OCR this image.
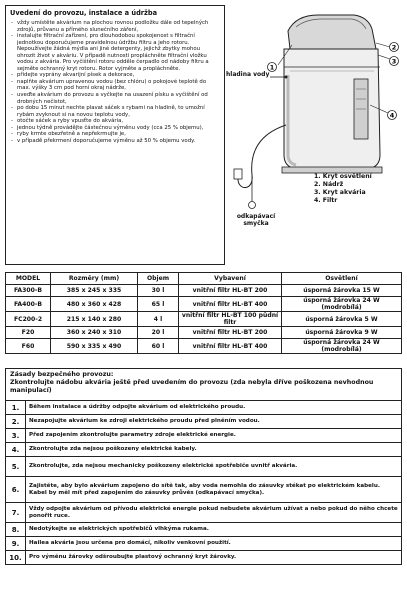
Uvedení do provozu, instalace a údržba
- vždy umístěte akvárium na plochou rovnou podložku dále od tepelných zdrojů, průvanu a přímého slunečního záření,
- instalujte filtrační zařízení, pro dlouhodobou spokojenost s filtrační jednotkou doporučujeme pravidelnou údržbu filtru a jeho rotoru. Nepoužívejte žádná mýdla ani jiné detergenty, jejichž zbytky mohou ohrozit život v akváriu. V případě nutnosti propláchněte filtrační vložku vodou z akvária. Pro vyčištění rotoru odděle čerpadlo od nádoby filtru a sejměte ochranný kryt rotoru. Rotor vyjměte a propláchněte.
- přidejte vyprány akvarijní písek a dekorace,
- naplňte akvárium upravenou vodou (bez chlóru) o pokojové teplotě do max. výšky 3 cm pod horní okraj nádrže,
- uveďte akvárium do provozu a vyčkejte na usazení písku a vyčištění od drobných nečistot,
- po dobu 15 minut nechte plavat sáček s rybami na hladině, to umožní rybám zvyknout si na novou teplotu vody,
- otočte sáček a ryby vpusťte do akvária,
- jednou týdně provádějte částečnou výměnu vody (cca 25 % objemu),
- ryby krmte obezřetně a nepřekrmujte je,
- v případě překrmení doporučujeme výměnu až 50 % objemu vody.
1
2
3
4
hladina vody
odkapávací smyčka
1. Kryt osvětlení
2. Nádrž
3. Kryt akvária
4. Filtr
MODEL	Rozměry (mm)	Objem	Vybavení	Osvětlení
FA300-B	385 x 245 x 335	30 l	vnitřní filtr HL-BT 200	úsporná žárovka 15 W
FA400-B	480 x 360 x 428	65 l	vnitřní filtr HL-BT 400	úsporná žárovka 24 W (modrobílá)
FC200-2	215 x 140 x 280	4 l	vnitřní filtr HL-BT 100 půdní filtr	úsporná žárovka 5 W
F20	360 x 240 x 310	20 l	vnitřní filtr HL-BT 200	úsporná žárovka 9 W
F60	590 x 335 x 490	60 l	vnitřní filtr HL-BT 400	úsporná žárovka 24 W (modrobílá)
Zásady bezpečného provozu:
Zkontrolujte nádobu akvária ještě před uvedením do provozu (zda nebyla dříve poškozena nevhodnou manipulací)
1.	Během instalace a údržby odpojte akvárium od elektrického proudu.
2.	Nezapojujte akvárium ke zdroji elektrického proudu před plněním vodou.
3.	Před zapojením zkontrolujte parametry zdroje elektrické energie.
4.	Zkontrolujte zda nejsou poškozeny elektrické kabely.
5.	Zkontrolujte, zda nejsou mechanicky poškozeny elektrické spotřebiče uvnitř akvária.
6.	Zajistěte, aby bylo akvárium zapojeno do sítě tak, aby voda nemohla do zásuvky stékat po elektrickém kabelu. Kabel by měl mít před zapojením do zásuvky průvěs (odkapávací smyčka).
7.	Vždy odpojte akvárium od přívodu elektrické energie pokud nebudete akvárium užívat a nebo pokud do něho chcete ponořit ruce.
8.	Nedotýkejte se elektrických spotřebičů vlhkýma rukama.
9.	Hailea akvária jsou určena pro domácí, nikoliv venkovní použití.
10.	Pro výměnu žárovky odšroubujte plastový ochranný kryt žárovky.
